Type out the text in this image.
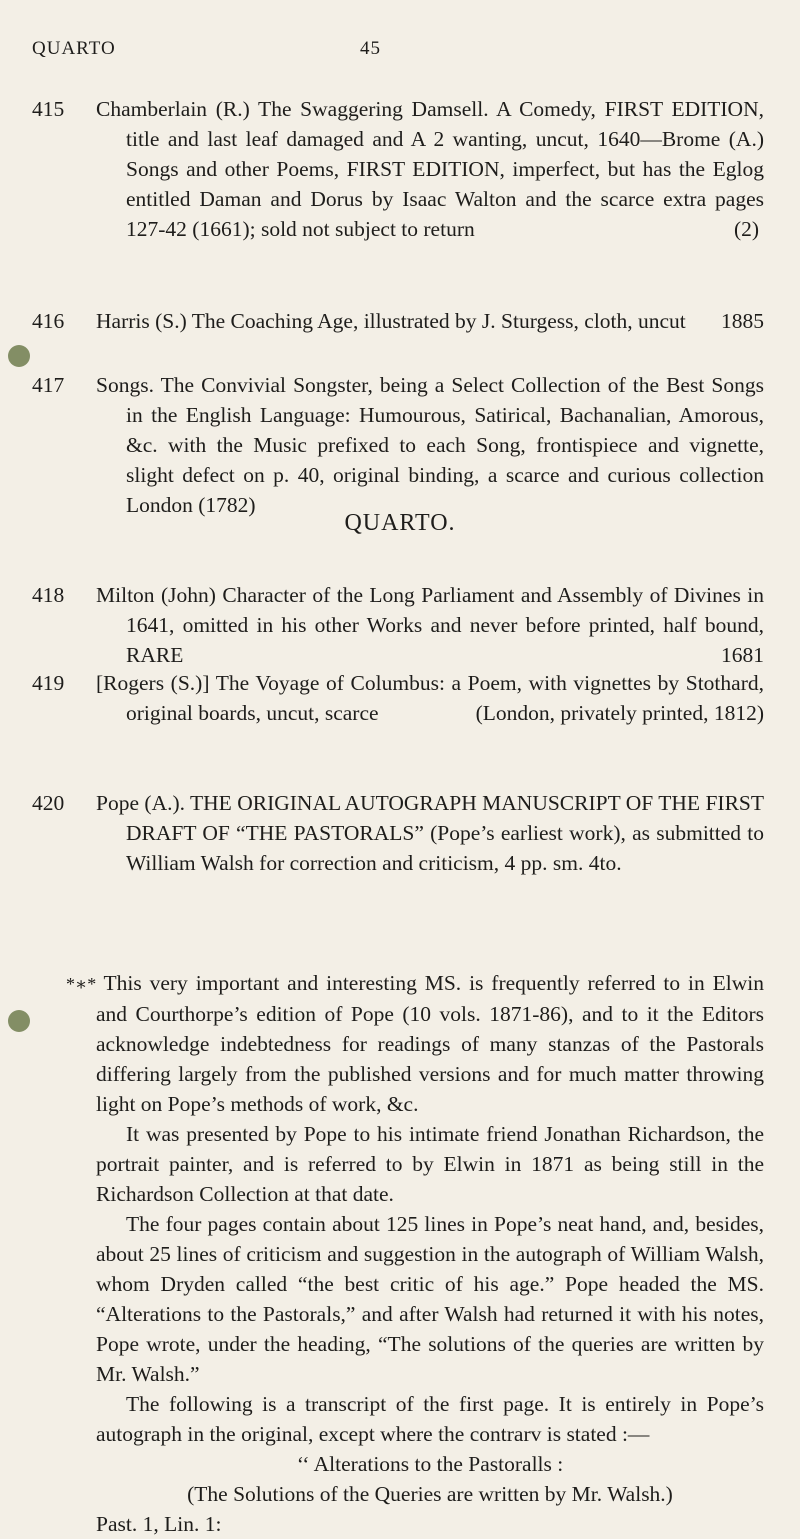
QUARTO	45
415	Chamberlain (R.) The Swaggering Damsell. A Comedy, FIRST EDITION, title and last leaf damaged and A 2 wanting, uncut, 1640—Brome (A.) Songs and other Poems, FIRST EDITION, imperfect, but has the Eglog entitled Daman and Dorus by Isaac Walton and the scarce extra pages 127-42 (1661); sold not subject to return	(2)
416	Harris (S.) The Coaching Age, illustrated by J. Sturgess, cloth, uncut 1885
417	Songs. The Convivial Songster, being a Select Collection of the Best Songs in the English Language: Humourous, Satirical, Bachanalian, Amorous, &c. with the Music prefixed to each Song, frontispiece and vignette, slight defect on p. 40, original binding, a scarce and curious collection London (1782)
QUARTO.
418	Milton (John) Character of the Long Parliament and Assembly of Divines in 1641, omitted in his other Works and never before printed, half bound, RARE	1681
419	[Rogers (S.)] The Voyage of Columbus: a Poem, with vignettes by Stothard, original boards, uncut, scarce	(London, privately printed, 1812)
420	Pope (A.). THE ORIGINAL AUTOGRAPH MANUSCRIPT OF THE FIRST DRAFT OF “THE PASTORALS” (Pope’s earliest work), as submitted to William Walsh for correction and criticism, 4 pp. sm. 4to.

*∗* This very important and interesting MS. is frequently referred to in Elwin and Courthorpe’s edition of Pope (10 vols. 1871-86), and to it the Editors acknowledge indebtedness for readings of many stanzas of the Pastorals differing largely from the published versions and for much matter throwing light on Pope’s methods of work, &c.

It was presented by Pope to his intimate friend Jonathan Richardson, the portrait painter, and is referred to by Elwin in 1871 as being still in the Richardson Collection at that date.

The four pages contain about 125 lines in Pope’s neat hand, and, besides, about 25 lines of criticism and suggestion in the autograph of William Walsh, whom Dryden called “the best critic of his age.” Pope headed the MS. “Alterations to the Pastorals,” and after Walsh had returned it with his notes, Pope wrote, under the heading, “The solutions of the queries are written by Mr. Walsh.”

The following is a transcript of the first page. It is entirely in Pope’s autograph in the original, except where the contrarv is stated :—

‘‘ Alterations to the Pastoralls :

(The Solutions of the Queries are written by Mr. Walsh.)

Past. 1, Lin. 1:
